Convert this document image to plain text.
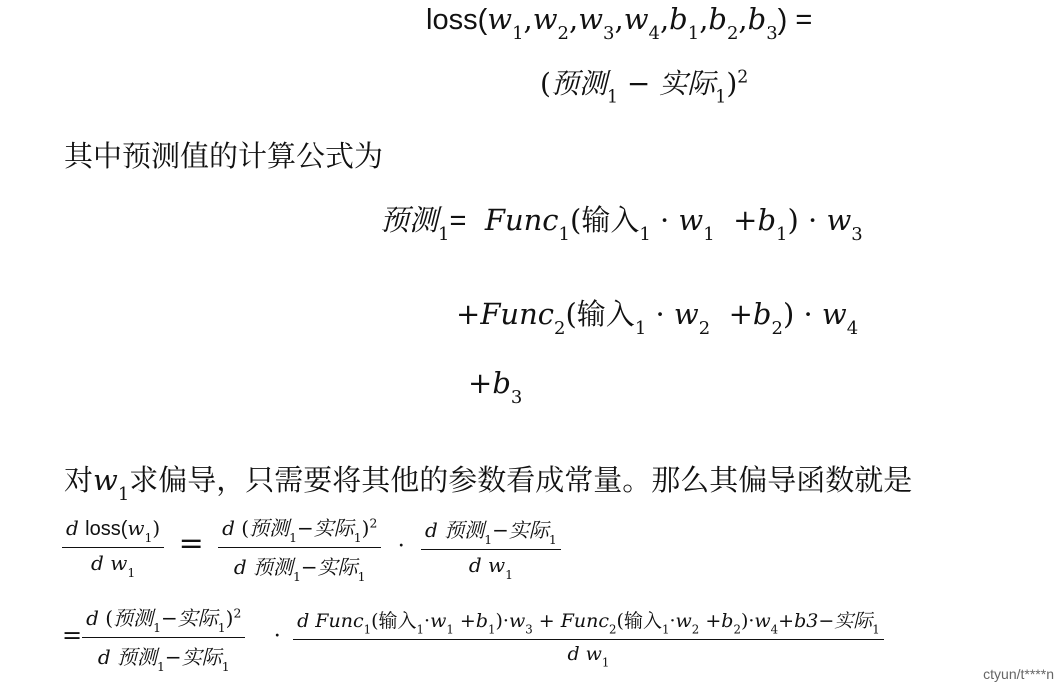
$loss(w_1,w_2,w_3,w_4,b_1,b_2,b_3)$ =
(预测$_1$ − 实际$_1$)$^2$
其中预测值的计算公式为
预测$_1$= Func$_1$(输入$_1 \cdot w_1 +b_1) \cdot w_3$
+Func$_2$(输入$_1 \cdot w_2 +b_2) \cdot w_4$
$+b_3$
对$w_1$求偏导，只需要将其他的参数看成常量。那么其偏导函数就是
$\frac{d loss(w_1)}{d w_1} = \frac{d (预测_1-实际_1)^2}{d 预测_1-实际_1} \cdot \frac{d 预测_1-实际_1}{d w_1}$
= $\frac{d (预测_1-实际_1)^2}{d 预测_1-实际_1} \cdot \frac{d Func_1(输入_1\cdot w_1 +b_1)\cdot w_3 + Func_2(输入_1\cdot w_2 +b_2)\cdot w_4+b3-实际_1}{d w_1}$
ctyun/t****n
